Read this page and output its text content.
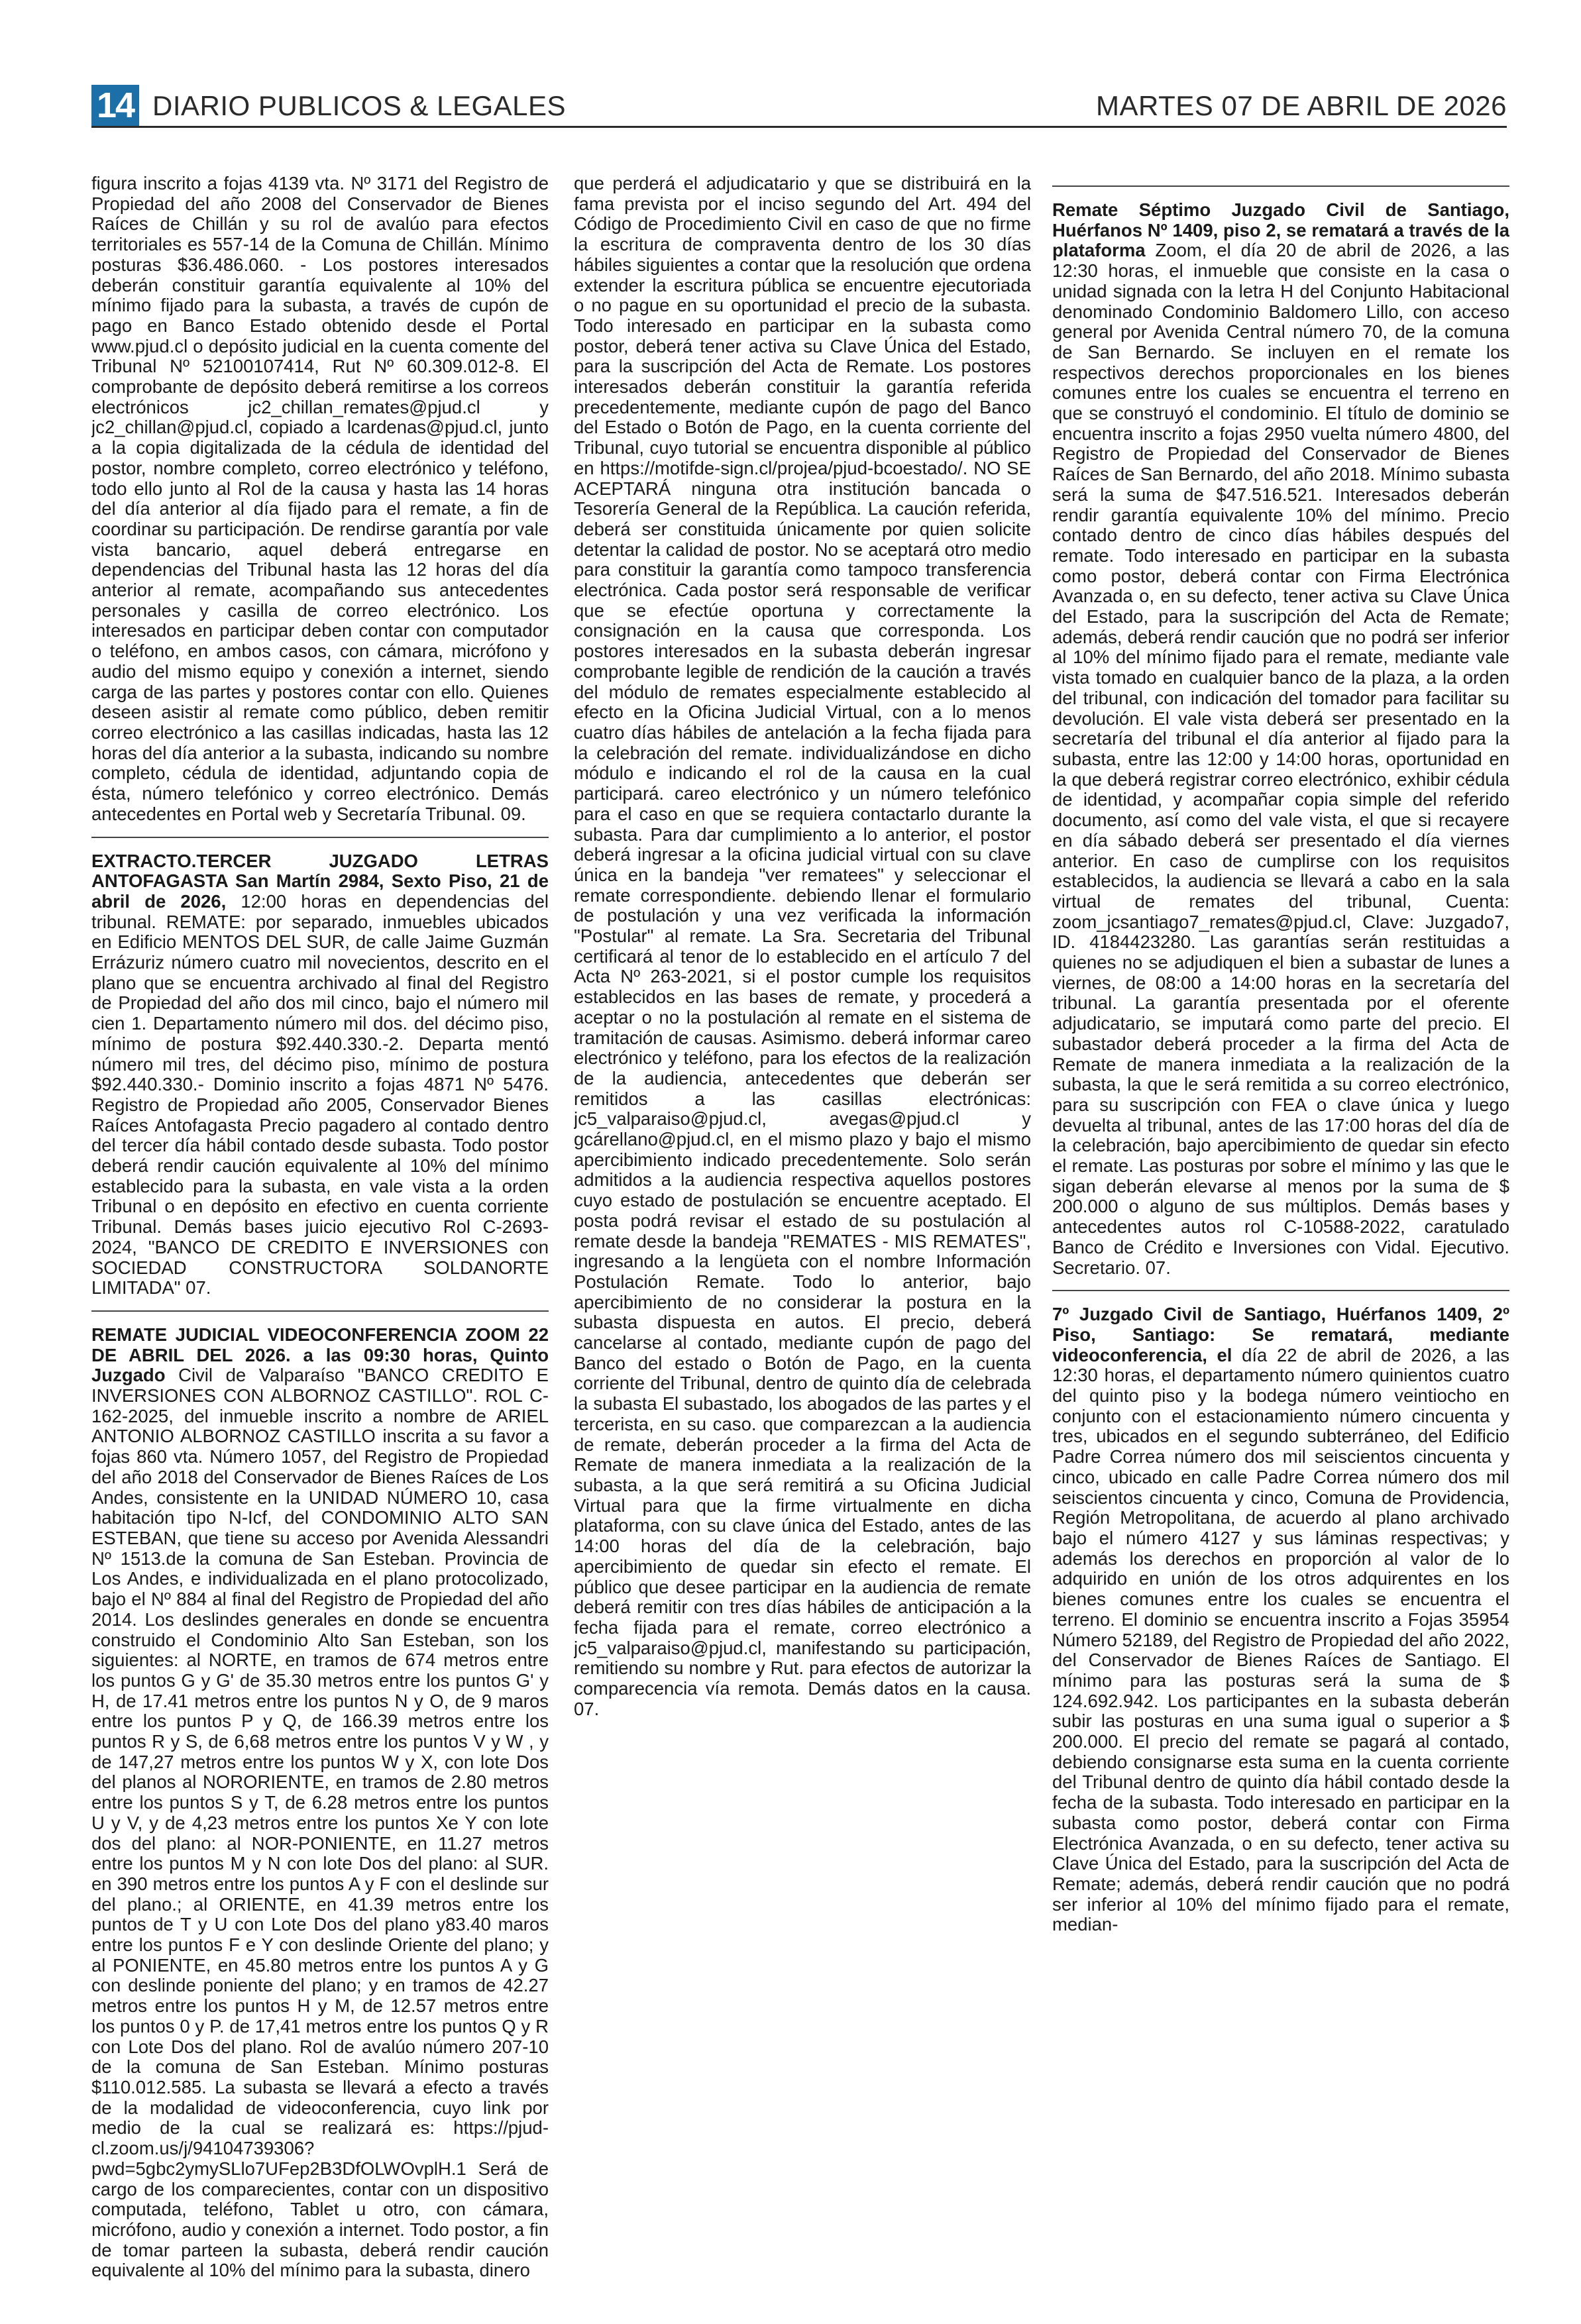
14 DIARIO PUBLICOS & LEGALES	MARTES 07 DE ABRIL DE 2026

figura inscrito a fojas 4139 vta. Nº 3171 del Registro de Propiedad del año 2008 del Conservador de Bienes Raíces de Chillán y su rol de avalúo para efectos territoriales es 557-14 de la Comuna de Chillán. Mínimo posturas $36.486.060. - Los postores interesados deberán constituir garantía equivalente al 10% del mínimo fijado para la subasta, a través de cupón de pago en Banco Estado obtenido desde el Portal www.pjud.cl o depósito judicial en la cuenta comente del Tribunal Nº 52100107414, Rut Nº 60.309.012-8. El comprobante de depósito deberá remitirse a los correos electrónicos jc2_chillan_remates@pjud.cl y jc2_chillan@pjud.cl, copiado a lcardenas@pjud.cl, junto a la copia digitalizada de la cédula de identidad del postor, nombre completo, correo electrónico y teléfono, todo ello junto al Rol de la causa y hasta las 14 horas del día anterior al día fijado para el remate, a fin de coordinar su participación. De rendirse garantía por vale vista bancario, aquel deberá entregarse en dependencias del Tribunal hasta las 12 horas del día anterior al remate, acompañando sus antecedentes personales y casilla de correo electrónico. Los interesados en participar deben contar con computador o teléfono, en ambos casos, con cámara, micrófono y audio del mismo equipo y conexión a internet, siendo carga de las partes y postores contar con ello. Quienes deseen asistir al remate como público, deben remitir correo electrónico a las casillas indicadas, hasta las 12 horas del día anterior a la subasta, indicando su nombre completo, cédula de identidad, adjuntando copia de ésta, número telefónico y correo electrónico. Demás antecedentes en Portal web y Secretaría Tribunal. 09.

EXTRACTO.TERCER JUZGADO LETRAS ANTOFAGASTA San Martín 2984, Sexto Piso, 21 de abril de 2026, 12:00 horas en dependencias del tribunal. REMATE: por separado, inmuebles ubicados en Edificio MENTOS DEL SUR, de calle Jaime Guzmán Errázuriz número cuatro mil novecientos, descrito en el plano que se encuentra archivado al final del Registro de Propiedad del año dos mil cinco, bajo el número mil cien 1. Departamento número mil dos. del décimo piso, mínimo de postura $92.440.330.-2. Departa mentó número mil tres, del décimo piso, mínimo de postura $92.440.330.- Dominio inscrito a fojas 4871 Nº 5476. Registro de Propiedad año 2005, Conservador Bienes Raíces Antofagasta Precio pagadero al contado dentro del tercer día hábil contado desde subasta. Todo postor deberá rendir caución equivalente al 10% del mínimo establecido para la subasta, en vale vista a la orden Tribunal o en depósito en efectivo en cuenta corriente Tribunal. Demás bases juicio ejecutivo Rol C-2693-2024, "BANCO DE CREDITO E INVERSIONES con SOCIEDAD CONSTRUCTORA SOLDANORTE LIMITADA" 07.

REMATE JUDICIAL VIDEOCONFERENCIA ZOOM 22 DE ABRIL DEL 2026. a las 09:30 horas, Quinto Juzgado Civil de Valparaíso "BANCO CREDITO E INVERSIONES CON ALBORNOZ CASTILLO". ROL C-162-2025, del inmueble inscrito a nombre de ARIEL ANTONIO ALBORNOZ CASTILLO inscrita a su favor a fojas 860 vta. Número 1057, del Registro de Propiedad del año 2018 del Conservador de Bienes Raíces de Los Andes, consistente en la UNIDAD NÚMERO 10, casa habitación tipo N-Icf, del CONDOMINIO ALTO SAN ESTEBAN, que tiene su acceso por Avenida Alessandri Nº 1513.de la comuna de San Esteban. Provincia de Los Andes, e individualizada en el plano protocolizado, bajo el Nº 884 al final del Registro de Propiedad del año 2014. Los deslindes generales en donde se encuentra construido el Condominio Alto San Esteban, son los siguientes: al NORTE, en tramos de 674 metros entre los puntos G y G' de 35.30 metros entre los puntos G' y H, de 17.41 metros entre los puntos N y O, de 9 maros entre los puntos P y Q, de 166.39 metros entre los puntos R y S, de 6,68 metros entre los puntos V y W , y de 147,27 metros entre los puntos W y X, con lote Dos del planos al NORORIENTE, en tramos de 2.80 metros entre los puntos S y T, de 6.28 metros entre los puntos U y V, y de 4,23 metros entre los puntos Xe Y con lote dos del plano: al NOR-PONIENTE, en 11.27 metros entre los puntos M y N con lote Dos del plano: al SUR. en 390 metros entre los puntos A y F con el deslinde sur del plano.; al ORIENTE, en 41.39 metros entre los puntos de T y U con Lote Dos del plano y83.40 maros entre los puntos F e Y con deslinde Oriente del plano; y al PONIENTE, en 45.80 metros entre los puntos A y G con deslinde poniente del plano; y en tramos de 42.27 metros entre los puntos H y M, de 12.57 metros entre los puntos 0 y P. de 17,41 metros entre los puntos Q y R con Lote Dos del plano. Rol de avalúo número 207-10 de la comuna de San Esteban. Mínimo posturas $110.012.585. La subasta se llevará a efecto a través de la modalidad de videoconferencia, cuyo link por medio de la cual se realizará es: https://pjud-cl.zoom.us/j/94104739306?pwd=5gbc2ymySLlo7UFep2B3DfOLWOvplH.1 Será de cargo de los comparecientes, contar con un dispositivo computada, teléfono, Tablet u otro, con cámara, micrófono, audio y conexión a internet. Todo postor, a fin de tomar parteen la subasta, deberá rendir caución equivalente al 10% del mínimo para la subasta, dinero

que perderá el adjudicatario y que se distribuirá en la fama prevista por el inciso segundo del Art. 494 del Código de Procedimiento Civil en caso de que no firme la escritura de compraventa dentro de los 30 días hábiles siguientes a contar que la resolución que ordena extender la escritura pública se encuentre ejecutoriada o no pague en su oportunidad el precio de la subasta. Todo interesado en participar en la subasta como postor, deberá tener activa su Clave Única del Estado, para la suscripción del Acta de Remate. Los postores interesados deberán constituir la garantía referida precedentemente, mediante cupón de pago del Banco del Estado o Botón de Pago, en la cuenta corriente del Tribunal, cuyo tutorial se encuentra disponible al público en https://motifde-sign.cl/projea/pjud-bcoestado/. NO SE ACEPTARÁ ninguna otra institución bancada o Tesorería General de la República. La caución referida, deberá ser constituida únicamente por quien solicite detentar la calidad de postor. No se aceptará otro medio para constituir la garantía como tampoco transferencia electrónica. Cada postor será responsable de verificar que se efectúe oportuna y correctamente la consignación en la causa que corresponda. Los postores interesados en la subasta deberán ingresar comprobante legible de rendición de la caución a través del módulo de remates especialmente establecido al efecto en la Oficina Judicial Virtual, con a lo menos cuatro días hábiles de antelación a la fecha fijada para la celebración del remate. individualizándose en dicho módulo e indicando el rol de la causa en la cual participará. careo electrónico y un número telefónico para el caso en que se requiera contactarlo durante la subasta. Para dar cumplimiento a lo anterior, el postor deberá ingresar a la oficina judicial virtual con su clave única en la bandeja "ver rematees" y seleccionar el remate correspondiente. debiendo llenar el formulario de postulación y una vez verificada la información "Postular" al remate. La Sra. Secretaria del Tribunal certificará al tenor de lo establecido en el artículo 7 del Acta Nº 263-2021, si el postor cumple los requisitos establecidos en las bases de remate, y procederá a aceptar o no la postulación al remate en el sistema de tramitación de causas. Asimismo. deberá informar careo electrónico y teléfono, para los efectos de la realización de la audiencia, antecedentes que deberán ser remitidos a las casillas electrónicas: jc5_valparaiso@pjud.cl, avegas@pjud.cl y gcárellano@pjud.cl, en el mismo plazo y bajo el mismo apercibimiento indicado precedentemente. Solo serán admitidos a la audiencia respectiva aquellos postores cuyo estado de postulación se encuentre aceptado. El posta podrá revisar el estado de su postulación al remate desde la bandeja "REMATES - MIS REMATES", ingresando a la lengüeta con el nombre Información Postulación Remate. Todo lo anterior, bajo apercibimiento de no considerar la postura en la subasta dispuesta en autos. El precio, deberá cancelarse al contado, mediante cupón de pago del Banco del estado o Botón de Pago, en la cuenta corriente del Tribunal, dentro de quinto día de celebrada la subasta El subastado, los abogados de las partes y el tercerista, en su caso. que comparezcan a la audiencia de remate, deberán proceder a la firma del Acta de Remate de manera inmediata a la realización de la subasta, a la que será remitirá a su Oficina Judicial Virtual para que la firme virtualmente en dicha plataforma, con su clave única del Estado, antes de las 14:00 horas del día de la celebración, bajo apercibimiento de quedar sin efecto el remate. El público que desee participar en la audiencia de remate deberá remitir con tres días hábiles de anticipación a la fecha fijada para el remate, correo electrónico a jc5_valparaiso@pjud.cl, manifestando su participación, remitiendo su nombre y Rut. para efectos de autorizar la comparecencia vía remota. Demás datos en la causa. 07.

Remate Séptimo Juzgado Civil de Santiago, Huérfanos Nº 1409, piso 2, se rematará a través de la plataforma Zoom, el día 20 de abril de 2026, a las 12:30 horas, el inmueble que consiste en la casa o unidad signada con la letra H del Conjunto Habitacional denominado Condominio Baldomero Lillo, con acceso general por Avenida Central número 70, de la comuna de San Bernardo. Se incluyen en el remate los respectivos derechos proporcionales en los bienes comunes entre los cuales se encuentra el terreno en que se construyó el condominio. El título de dominio se encuentra inscrito a fojas 2950 vuelta número 4800, del Registro de Propiedad del Conservador de Bienes Raíces de San Bernardo, del año 2018. Mínimo subasta será la suma de $47.516.521. Interesados deberán rendir garantía equivalente 10% del mínimo. Precio contado dentro de cinco días hábiles después del remate. Todo interesado en participar en la subasta como postor, deberá contar con Firma Electrónica Avanzada o, en su defecto, tener activa su Clave Única del Estado, para la suscripción del Acta de Remate; además, deberá rendir caución que no podrá ser inferior al 10% del mínimo fijado para el remate, mediante vale vista tomado en cualquier banco de la plaza, a la orden del tribunal, con indicación del tomador para facilitar su devolución. El vale vista deberá ser presentado en la secretaría del tribunal el día anterior al fijado para la subasta, entre las 12:00 y 14:00 horas, oportunidad en la que deberá registrar correo electrónico, exhibir cédula de identidad, y acompañar copia simple del referido documento, así como del vale vista, el que si recayere en día sábado deberá ser presentado el día viernes anterior. En caso de cumplirse con los requisitos establecidos, la audiencia se llevará a cabo en la sala virtual de remates del tribunal, Cuenta: zoom_jcsantiago7_remates@pjud.cl, Clave: Juzgado7, ID. 4184423280. Las garantías serán restituidas a quienes no se adjudiquen el bien a subastar de lunes a viernes, de 08:00 a 14:00 horas en la secretaría del tribunal. La garantía presentada por el oferente adjudicatario, se imputará como parte del precio. El subastador deberá proceder a la firma del Acta de Remate de manera inmediata a la realización de la subasta, la que le será remitida a su correo electrónico, para su suscripción con FEA o clave única y luego devuelta al tribunal, antes de las 17:00 horas del día de la celebración, bajo apercibimiento de quedar sin efecto el remate. Las posturas por sobre el mínimo y las que le sigan deberán elevarse al menos por la suma de $ 200.000 o alguno de sus múltiplos. Demás bases y antecedentes autos rol C-10588-2022, caratulado Banco de Crédito e Inversiones con Vidal. Ejecutivo. Secretario. 07.

7º Juzgado Civil de Santiago, Huérfanos 1409, 2º Piso, Santiago: Se rematará, mediante videoconferencia, el día 22 de abril de 2026, a las 12:30 horas, el departamento número quinientos cuatro del quinto piso y la bodega número veintiocho en conjunto con el estacionamiento número cincuenta y tres, ubicados en el segundo subterráneo, del Edificio Padre Correa número dos mil seiscientos cincuenta y cinco, ubicado en calle Padre Correa número dos mil seiscientos cincuenta y cinco, Comuna de Providencia, Región Metropolitana, de acuerdo al plano archivado bajo el número 4127 y sus láminas respectivas; y además los derechos en proporción al valor de lo adquirido en unión de los otros adquirentes en los bienes comunes entre los cuales se encuentra el terreno. El dominio se encuentra inscrito a Fojas 35954 Número 52189, del Registro de Propiedad del año 2022, del Conservador de Bienes Raíces de Santiago. El mínimo para las posturas será la suma de $ 124.692.942. Los participantes en la subasta deberán subir las posturas en una suma igual o superior a $ 200.000. El precio del remate se pagará al contado, debiendo consignarse esta suma en la cuenta corriente del Tribunal dentro de quinto día hábil contado desde la fecha de la subasta. Todo interesado en participar en la subasta como postor, deberá contar con Firma Electrónica Avanzada, o en su defecto, tener activa su Clave Única del Estado, para la suscripción del Acta de Remate; además, deberá rendir caución que no podrá ser inferior al 10% del mínimo fijado para el remate, median-
